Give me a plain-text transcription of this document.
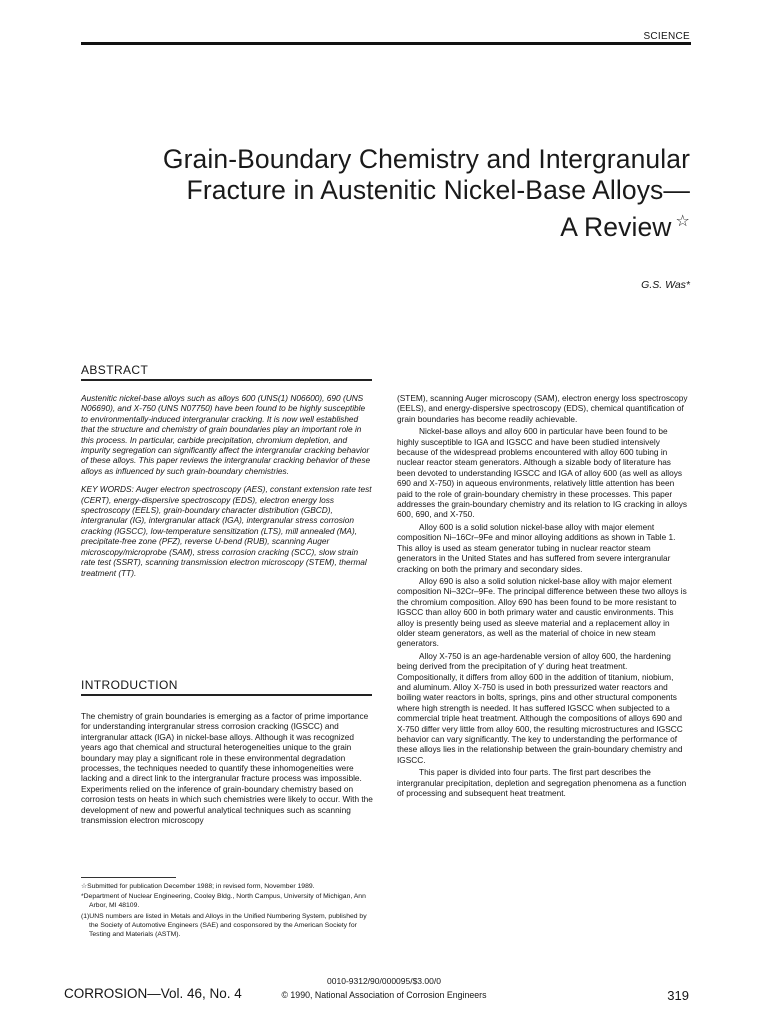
SCIENCE
Grain-Boundary Chemistry and Intergranular
Fracture in Austenitic Nickel-Base Alloys—
A Review ☆
G.S. Was*
ABSTRACT

Austenitic nickel-base alloys such as alloys 600 (UNS(1) N06600), 690 (UNS N06690), and X-750 (UNS N07750) have been found to be highly susceptible to environmentally-induced intergranular cracking. It is now well established that the structure and chemistry of grain boundaries play an important role in this process. In particular, carbide precipitation, chromium depletion, and impurity segregation can significantly affect the intergranular cracking behavior of these alloys. This paper reviews the intergranular cracking behavior of these alloys as influenced by such grain-boundary chemistries.

KEY WORDS: Auger electron spectroscopy (AES), constant extension rate test (CERT), energy-dispersive spectroscopy (EDS), electron energy loss spectroscopy (EELS), grain-boundary character distribution (GBCD), intergranular (IG), intergranular attack (IGA), intergranular stress corrosion cracking (IGSCC), low-temperature sensitization (LTS), mill annealed (MA), precipitate-free zone (PFZ), reverse U-bend (RUB), scanning Auger microscopy/microprobe (SAM), stress corrosion cracking (SCC), slow strain rate test (SSRT), scanning transmission electron microscopy (STEM), thermal treatment (TT).

INTRODUCTION

The chemistry of grain boundaries is emerging as a factor of prime importance for understanding intergranular stress corrosion cracking (IGSCC) and intergranular attack (IGA) in nickel-base alloys. Although it was recognized years ago that chemical and structural heterogeneities unique to the grain boundary may play a significant role in these environmental degradation processes, the techniques needed to quantify these inhomogeneities were lacking and a direct link to the intergranular fracture process was impossible. Experiments relied on the inference of grain-boundary chemistry based on corrosion tests on heats in which such chemistries were likely to occur. With the development of new and powerful analytical techniques such as scanning transmission electron microscopy

☆Submitted for publication December 1988; in revised form, November 1989.

*Department of Nuclear Engineering, Cooley Bldg., North Campus, University of Michigan, Ann Arbor, MI 48109.

(1)UNS numbers are listed in Metals and Alloys in the Unified Numbering System, published by the Society of Automotive Engineers (SAE) and cosponsored by the American Society for Testing and Materials (ASTM).

(STEM), scanning Auger microscopy (SAM), electron energy loss spectroscopy (EELS), and energy-dispersive spectroscopy (EDS), chemical quantification of grain boundaries has become readily achievable.

Nickel-base alloys and alloy 600 in particular have been found to be highly susceptible to IGA and IGSCC and have been studied intensively because of the widespread problems encountered with alloy 600 tubing in nuclear reactor steam generators. Although a sizable body of literature has been devoted to understanding IGSCC and IGA of alloy 600 (as well as alloys 690 and X-750) in aqueous environments, relatively little attention has been paid to the role of grain-boundary chemistry in these processes. This paper addresses the grain-boundary chemistry and its relation to IG cracking in alloys 600, 690, and X-750.

Alloy 600 is a solid solution nickel-base alloy with major element composition Ni–16Cr–9Fe and minor alloying additions as shown in Table 1. This alloy is used as steam generator tubing in nuclear reactor steam generators in the United States and has suffered from severe intergranular cracking on both the primary and secondary sides.

Alloy 690 is also a solid solution nickel-base alloy with major element composition Ni–32Cr–9Fe. The principal difference between these two alloys is the chromium composition. Alloy 690 has been found to be more resistant to IGSCC than alloy 600 in both primary water and caustic environments. This alloy is presently being used as sleeve material and a replacement alloy in older steam generators, as well as the material of choice in new steam generators.

Alloy X-750 is an age-hardenable version of alloy 600, the hardening being derived from the precipitation of γ′ during heat treatment. Compositionally, it differs from alloy 600 in the addition of titanium, niobium, and aluminum. Alloy X-750 is used in both pressurized water reactors and boiling water reactors in bolts, springs, pins and other structural components where high strength is needed. It has suffered IGSCC when subjected to a commercial triple heat treatment. Although the compositions of alloys 690 and X-750 differ very little from alloy 600, the resulting microstructures and IGSCC behavior can vary significantly. The key to understanding the performance of these alloys lies in the relationship between the grain-boundary chemistry and IGSCC.

This paper is divided into four parts. The first part describes the intergranular precipitation, depletion and segregation phenomena as a function of processing and subsequent heat treatment.

0010-9312/90/000095/$3.00/0
CORROSION—Vol. 46, No. 4	© 1990, National Association of Corrosion Engineers	319
